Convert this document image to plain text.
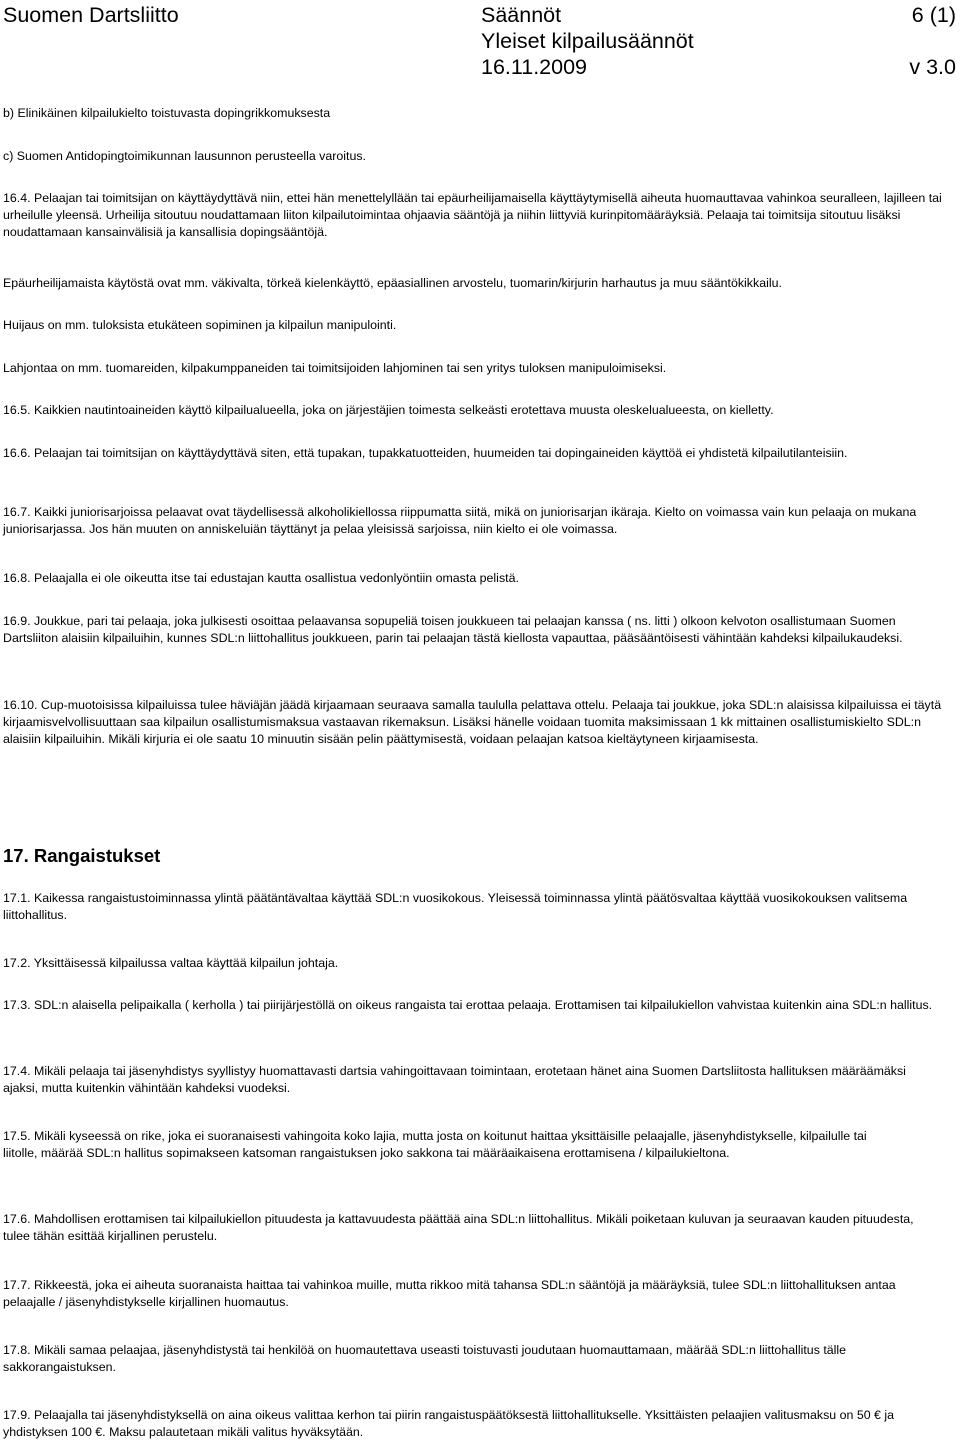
Suomen Dartsliitto	Säännöt	6 (1)
Yleiset kilpailusäännöt
16.11.2009	v 3.0

b) Elinikäinen kilpailukielto toistuvasta dopingrikkomuksesta

c) Suomen Antidopingtoimikunnan lausunnon perusteella varoitus.

16.4. Pelaajan tai toimitsijan on käyttäydyttävä niin, ettei hän menettelyllään tai epäurheilijamaisella käyttäytymisellä aiheuta huomauttavaa vahinkoa seuralleen, lajilleen tai urheilulle yleensä. Urheilija sitoutuu noudattamaan liiton kilpailutoimintaa ohjaavia sääntöjä ja niihin liittyviä kurinpitomääräyksiä. Pelaaja tai toimitsija sitoutuu lisäksi noudattamaan kansainvälisiä ja kansallisia dopingsääntöjä.

Epäurheilijamaista käytöstä ovat mm. väkivalta, törkeä kielenkäyttö, epäasiallinen arvostelu, tuomarin/kirjurin harhautus ja muu sääntökikkailu.

Huijaus on mm. tuloksista etukäteen sopiminen ja kilpailun manipulointi.

Lahjontaa on mm. tuomareiden, kilpakumppaneiden tai toimitsijoiden lahjominen tai sen yritys tuloksen manipuloimiseksi.

16.5. Kaikkien nautintoaineiden käyttö kilpailualueella, joka on järjestäjien toimesta selkeästi erotettava muusta oleskelualueesta, on kielletty.

16.6. Pelaajan tai toimitsijan on käyttäydyttävä siten, että tupakan, tupakkatuotteiden, huumeiden tai dopingaineiden käyttöä ei yhdistetä kilpailutilanteisiin.

16.7. Kaikki juniorisarjoissa pelaavat ovat täydellisessä alkoholikiellossa riippumatta siitä, mikä on juniorisarjan ikäraja. Kielto on voimassa vain kun pelaaja on mukana juniorisarjassa. Jos hän muuten on anniskeluiän täyttänyt ja pelaa yleisissä sarjoissa, niin kielto ei ole voimassa.

16.8. Pelaajalla ei ole oikeutta itse tai edustajan kautta osallistua vedonlyöntiin omasta pelistä.

16.9. Joukkue, pari tai pelaaja, joka julkisesti osoittaa pelaavansa sopupeliä toisen joukkueen tai pelaajan kanssa ( ns. litti ) olkoon kelvoton osallistumaan Suomen Dartsliiton alaisiin kilpailuihin, kunnes SDL:n liittohallitus joukkueen, parin tai pelaajan tästä kiellosta vapauttaa, pääsääntöisesti vähintään kahdeksi kilpailukaudeksi.

16.10. Cup-muotoisissa kilpailuissa tulee häviäjän jäädä kirjaamaan seuraava samalla taululla pelattava ottelu. Pelaaja tai joukkue, joka SDL:n alaisissa kilpailuissa ei täytä kirjaamisvelvollisuuttaan saa kilpailun osallistumismaksua vastaavan rikemaksun. Lisäksi hänelle voidaan tuomita maksimissaan 1 kk mittainen osallistumiskielto SDL:n alaisiin kilpailuihin. Mikäli kirjuria ei ole saatu 10 minuutin sisään pelin päättymisestä, voidaan pelaajan katsoa kieltäytyneen kirjaamisesta.

17. Rangaistukset

17.1. Kaikessa rangaistustoiminnassa ylintä päätäntävaltaa käyttää SDL:n vuosikokous. Yleisessä toiminnassa ylintä päätösvaltaa käyttää vuosikokouksen valitsema liittohallitus.

17.2. Yksittäisessä kilpailussa valtaa käyttää kilpailun johtaja.

17.3. SDL:n alaisella pelipaikalla ( kerholla ) tai piirijärjestöllä on oikeus rangaista tai erottaa pelaaja. Erottamisen tai kilpailukiellon vahvistaa kuitenkin aina SDL:n hallitus.

17.4. Mikäli pelaaja tai jäsenyhdistys syyllistyy huomattavasti dartsia vahingoittavaan toimintaan, erotetaan hänet aina Suomen Dartsliitosta hallituksen määräämäksi ajaksi, mutta kuitenkin vähintään kahdeksi vuodeksi.

17.5. Mikäli kyseessä on rike, joka ei suoranaisesti vahingoita koko lajia, mutta josta on koitunut haittaa yksittäisille pelaajalle, jäsenyhdistykselle, kilpailulle tai liitolle, määrää SDL:n hallitus sopimakseen katsoman rangaistuksen joko sakkona tai määräaikaisena erottamisena / kilpailukieltona.

17.6. Mahdollisen erottamisen tai kilpailukiellon pituudesta ja kattavuudesta päättää aina SDL:n liittohallitus. Mikäli poiketaan kuluvan ja seuraavan kauden pituudesta, tulee tähän esittää kirjallinen perustelu.

17.7. Rikkeestä, joka ei aiheuta suoranaista haittaa tai vahinkoa muille, mutta rikkoo mitä tahansa SDL:n sääntöjä ja määräyksiä, tulee SDL:n liittohallituksen antaa pelaajalle / jäsenyhdistykselle kirjallinen huomautus.

17.8. Mikäli samaa pelaajaa, jäsenyhdistystä tai henkilöä on huomautettava useasti toistuvasti joudutaan huomauttamaan, määrää SDL:n liittohallitus tälle sakkorangaistuksen.

17.9. Pelaajalla tai jäsenyhdistyksellä on aina oikeus valittaa kerhon tai piirin rangaistuspäätöksestä liittohallitukselle. Yksittäisten pelaajien valitusmaksu on 50 € ja yhdistyksen 100 €. Maksu palautetaan mikäli valitus hyväksytään.
